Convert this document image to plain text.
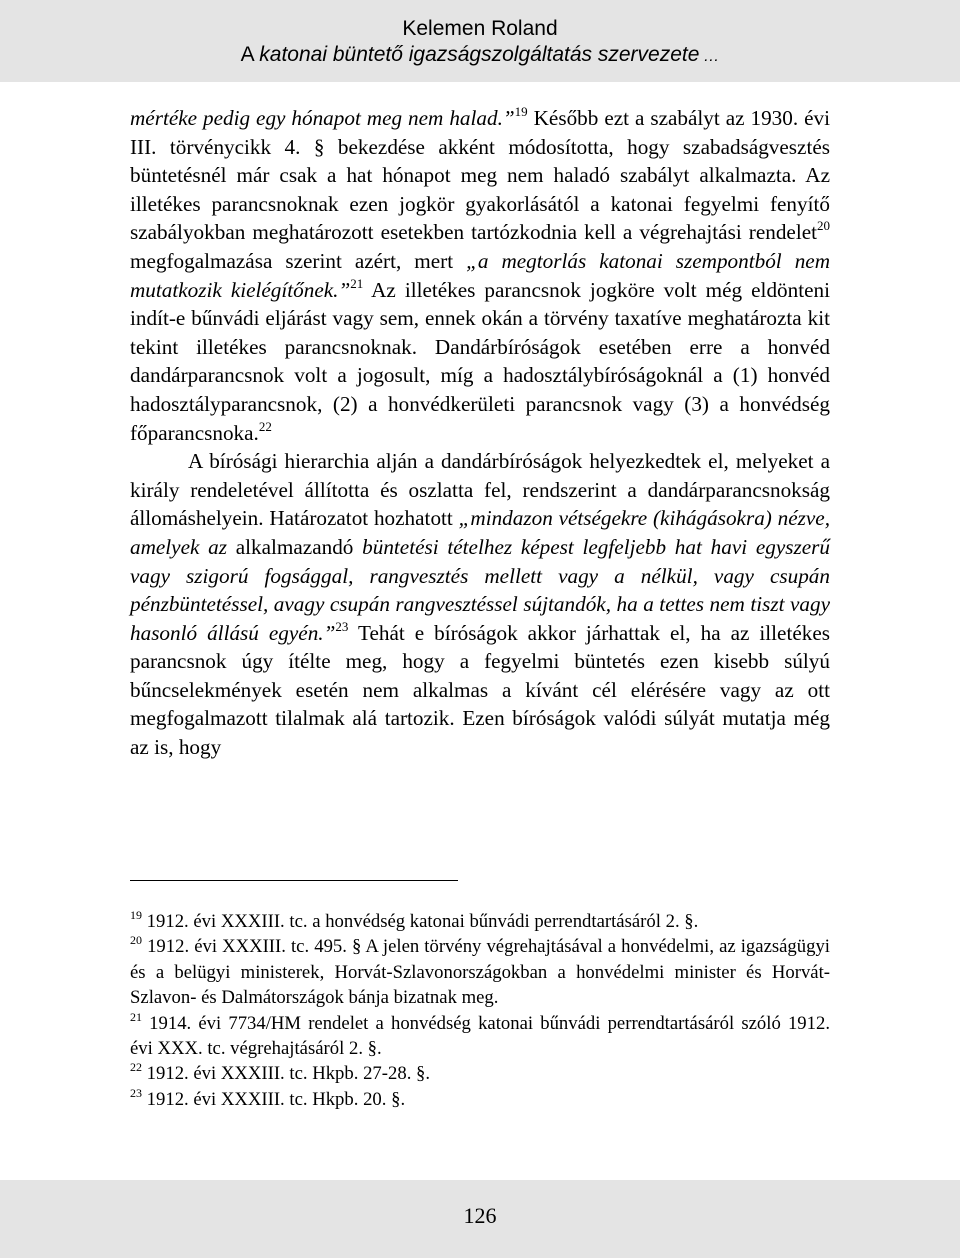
Kelemen Roland

A katonai büntető igazságszolgáltatás szervezete …

mértéke pedig egy hónapot meg nem halad.”$^{19}$ Később ezt a szabályt az 1930. évi III. törvénycikk 4. § bekezdése akként módosította, hogy szabadságvesztés büntetésnél már csak a hat hónapot meg nem haladó szabályt alkalmazta. Az illetékes parancsnoknak ezen jogkör gyakorlásától a katonai fegyelmi fenyítő szabályokban meghatározott esetekben tartózkodnia kell a végrehajtási rendelet$^{20}$ megfogalmazása szerint azért, mert „a megtorlás katonai szempontból nem mutatkozik kielégítőnek.”$^{21}$ Az illetékes parancsnok jogköre volt még eldönteni indít-e bűnvádi eljárást vagy sem, ennek okán a törvény taxatíve meghatározta kit tekint illetékes parancsnoknak. Dandárbíróságok esetében erre a honvéd dandárparancsnok volt a jogosult, míg a hadosztálybíróságoknál a (1) honvéd hadosztályparancsnok, (2) a honvédkerületi parancsnok vagy (3) a honvédség főparancsnoka.$^{22}$

A bírósági hierarchia alján a dandárbíróságok helyezkedtek el, melyeket a király rendeletével állította és oszlatta fel, rendszerint a dandárparancsnokság állomáshelyein. Határozatot hozhatott „mindazon vétségekre (kihágásokra) nézve, amelyek az alkalmazandó büntetési tételhez képest legfeljebb hat havi egyszerű vagy szigorú fogsággal, rangvesztés mellett vagy a nélkül, vagy csupán pénzbüntetéssel, avagy csupán rangvesztéssel sújtandók, ha a tettes nem tiszt vagy hasonló állású egyén.”$^{23}$ Tehát e bíróságok akkor járhattak el, ha az illetékes parancsnok úgy ítélte meg, hogy a fegyelmi büntetés ezen kisebb súlyú bűncselekmények esetén nem alkalmas a kívánt cél elérésére vagy az ott megfogalmazott tilalmak alá tartozik. Ezen bíróságok valódi súlyát mutatja még az is, hogy

$^{19}$ 1912. évi XXXIII. tc. a honvédség katonai bűnvádi perrendtartásáról 2. §.

$^{20}$ 1912. évi XXXIII. tc. 495. § A jelen törvény végrehajtásával a honvédelmi, az igazságügyi és a belügyi ministerek, Horvát-Szlavonországokban a honvédelmi minister és Horvát-Szlavon- és Dalmátországok bánja bizatnak meg.

$^{21}$ 1914. évi 7734/HM rendelet a honvédség katonai bűnvádi perrendtartásáról szóló 1912. évi XXX. tc. végrehajtásáról 2. §.

$^{22}$ 1912. évi XXXIII. tc. Hkpb. 27-28. §.

$^{23}$ 1912. évi XXXIII. tc. Hkpb. 20. §.

126
